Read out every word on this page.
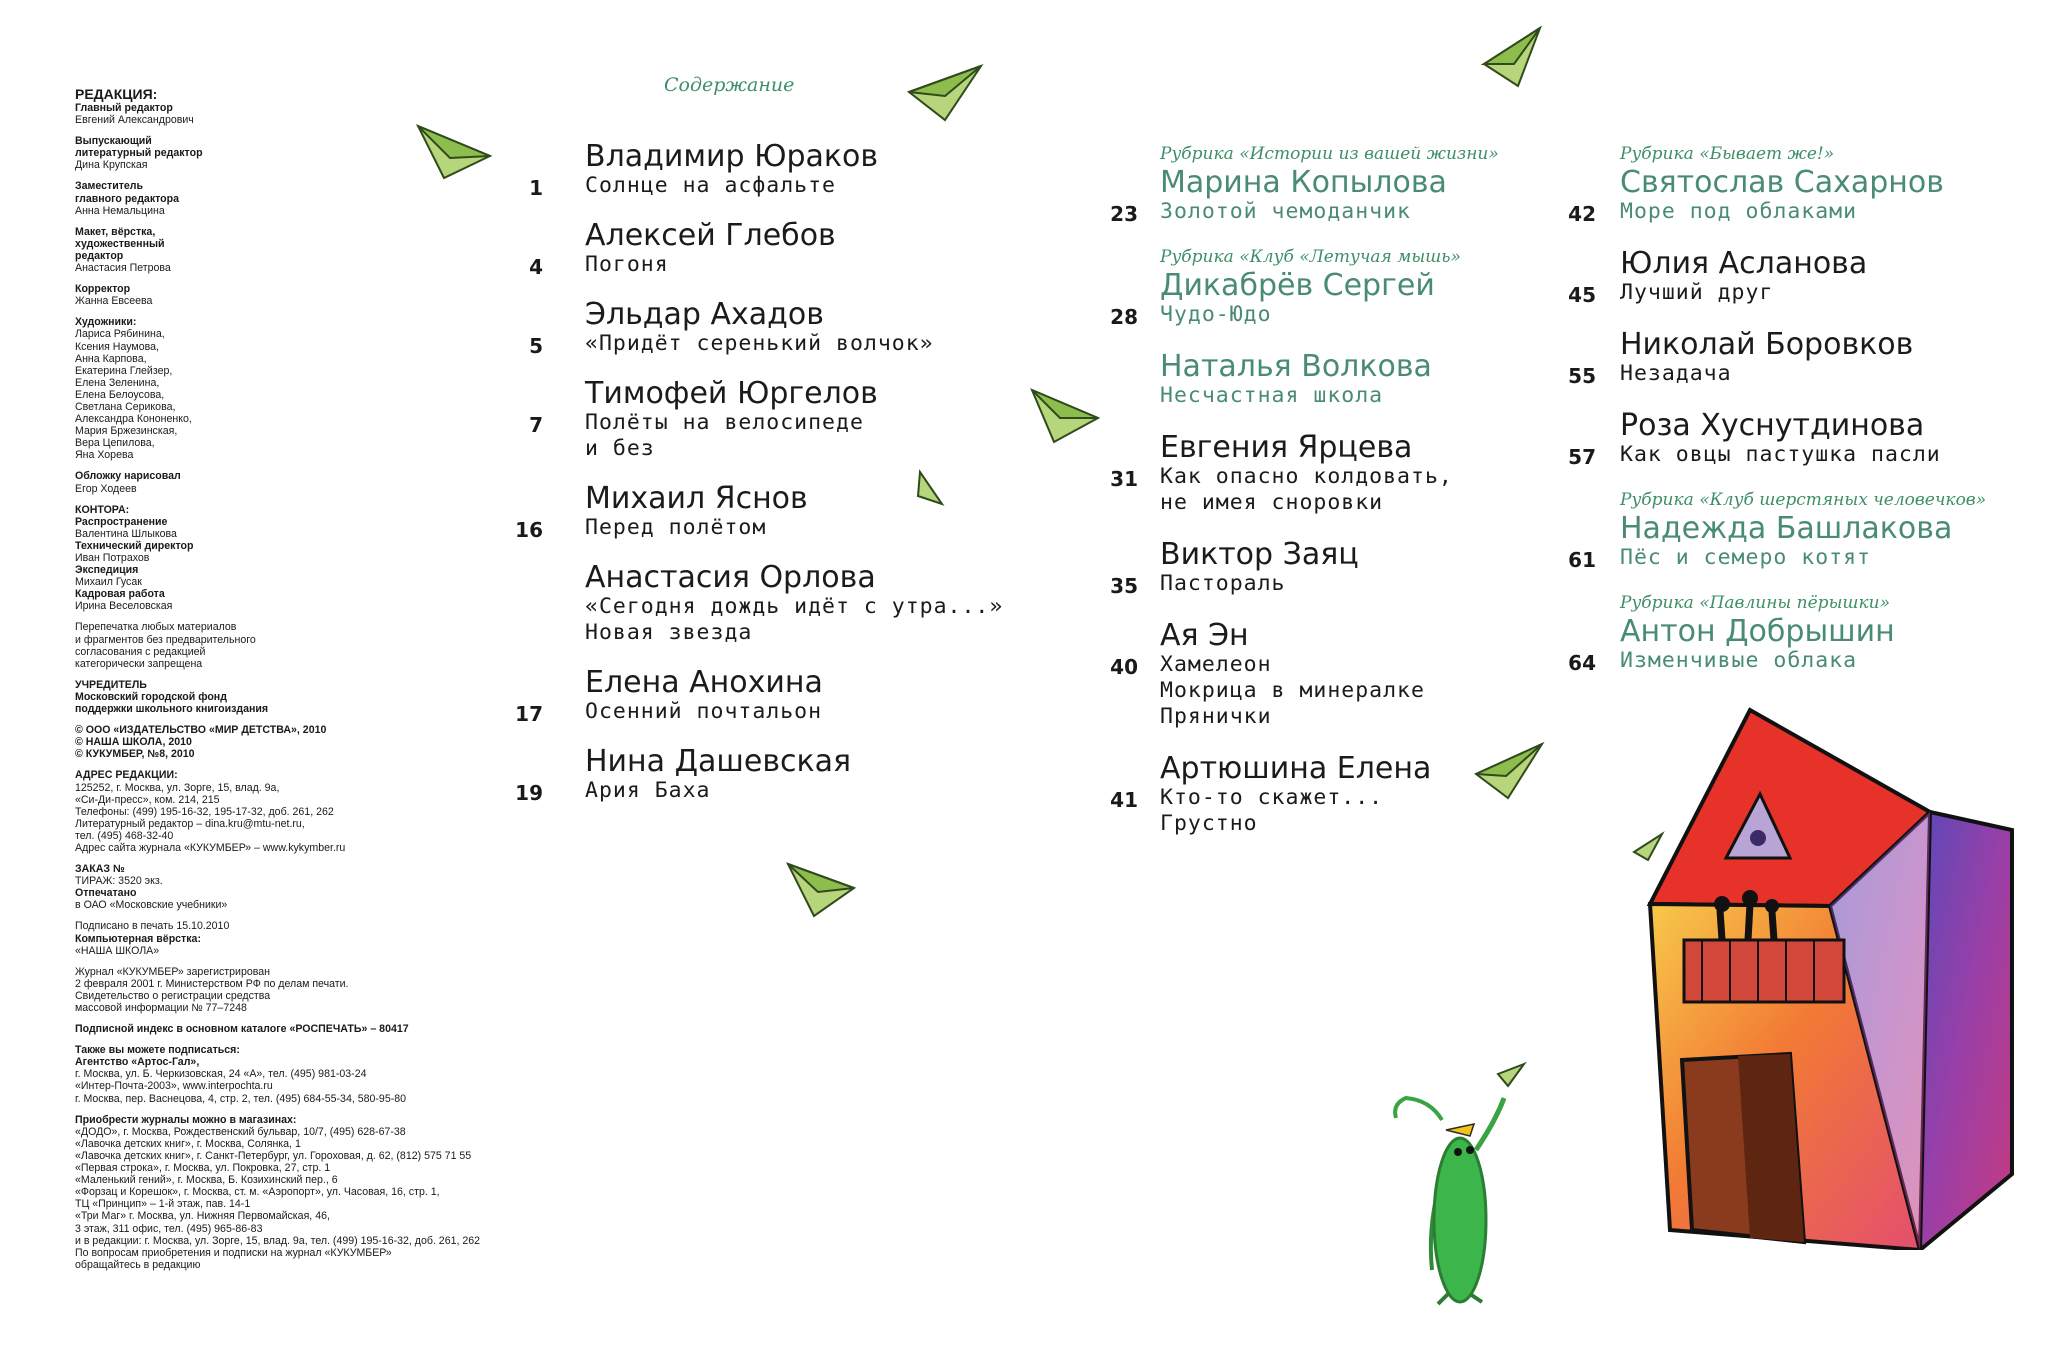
РЕДАКЦИЯ:
Главный редактор
Евгений Александрович
Выпускающий
литературный редактор
Дина Крупская
Заместитель
главного редактора
Анна Немальцина
Макет, вёрстка,
художественный
редактор
Анастасия Петрова
Корректор
Жанна Евсеева
Художники:
Лариса Рябинина,
Ксения Наумова,
Анна Карпова,
Екатерина Глейзер,
Елена Зеленина,
Елена Белоусова,
Светлана Серикова,
Александра Кононенко,
Мария Бржезинская,
Вера Цепилова,
Яна Хорева
Обложку нарисовал
Егор Ходеев
КОНТОРА:
Распространение
Валентина Шлыкова
Технический директор
Иван Потрахов
Экспедиция
Михаил Гусак
Кадровая работа
Ирина Веселовская
Перепечатка любых материалов
и фрагментов без предварительного
согласования с редакцией
категорически запрещена
УЧРЕДИТЕЛЬ
Московский городской фонд
поддержки школьного книгоиздания
© ООО «ИЗДАТЕЛЬСТВО «МИР ДЕТСТВА», 2010
© НАША ШКОЛА, 2010
© КУКУМБЕР, №8, 2010
АДРЕС РЕДАКЦИИ:
125252, г. Москва, ул. Зорге, 15, влад. 9а,
«Си-Ди-пресс», ком. 214, 215
Телефоны: (499) 195-16-32, 195-17-32, доб. 261, 262
Литературный редактор – dina.kru@mtu-net.ru,
тел. (495) 468-32-40
Адрес сайта журнала «КУКУМБЕР» – www.kykymber.ru
ЗАКАЗ №
ТИРАЖ: 3520 экз.
Отпечатано
в ОАО «Московские учебники»
Подписано в печать 15.10.2010
Компьютерная вёрстка:
«НАША ШКОЛА»
Журнал «КУКУМБЕР» зарегистрирован
2 февраля 2001 г. Министерством РФ по делам печати.
Свидетельство о регистрации средства
массовой информации № 77–7248
Подписной индекс в основном каталоге «РОСПЕЧАТЬ» – 80417
Также вы можете подписаться:
Агентство «Артос-Гал»,
г. Москва, ул. Б. Черкизовская, 24 «А», тел. (495) 981-03-24
«Интер-Почта-2003», www.interpochta.ru
г. Москва, пер. Васнецова, 4, стр. 2, тел. (495) 684-55-34, 580-95-80
Приобрести журналы можно в магазинах:
«ДОДО», г. Москва, Рождественский бульвар, 10/7, (495) 628-67-38
«Лавочка детских книг», г. Москва, Солянка, 1
«Лавочка детских книг», г. Санкт-Петербург, ул. Гороховая, д. 62, (812) 575 71 55
«Первая строка», г. Москва, ул. Покровка, 27, стр. 1
«Маленький гений», г. Москва, Б. Козихинский пер., 6
«Форзац и Корешок», г. Москва, ст. м. «Аэропорт», ул. Часовая, 16, стр. 1,
ТЦ «Принцип» – 1-й этаж, пав. 14-1
«Три Маг» г. Москва, ул. Нижняя Первомайская, 46,
3 этаж, 311 офис, тел. (495) 965-86-83
и в редакции: г. Москва, ул. Зорге, 15, влад. 9а, тел. (499) 195-16-32, доб. 261, 262
По вопросам приобретения и подписки на журнал «КУКУМБЕР»
обращайтесь в редакцию
Содержание
Владимир Юраков
Солнце на асфальте
1
Алексей Глебов
Погоня
4
Эльдар Ахадов
«Придёт серенький волчок»
5
Тимофей Юргелов
Полёты на велосипеде
и без
7
Михаил Яснов
Перед полётом
16
Анастасия Орлова
«Сегодня дождь идёт с утра...»
Новая звезда
Елена Анохина
Осенний почтальон
17
Нина Дашевская
Ария Баха
19
Рубрика «Истории из вашей жизни»
Марина Копылова
Золотой чемоданчик
23
Рубрика «Клуб «Летучая мышь»
Дикабрёв Сергей
Чудо-Юдо
28
Наталья Волкова
Несчастная школа
Евгения Ярцева
Как опасно колдовать,
не имея сноровки
31
Виктор Заяц
Пастораль
35
Ая Эн
Хамелеон
Мокрица в минералке
Прянички
40
Артюшина Елена
Кто-то скажет...
Грустно
41
Рубрика «Бывает же!»
Святослав Сахарнов
Море под облаками
42
Юлия Асланова
Лучший друг
45
Николай Боровков
Незадача
55
Роза Хуснутдинова
Как овцы пастушка пасли
57
Рубрика «Клуб шерстяных человечков»
Надежда Башлакова
Пёс и семеро котят
61
Рубрика «Павлины пёрышки»
Антон Добрышин
Изменчивые облака
64
